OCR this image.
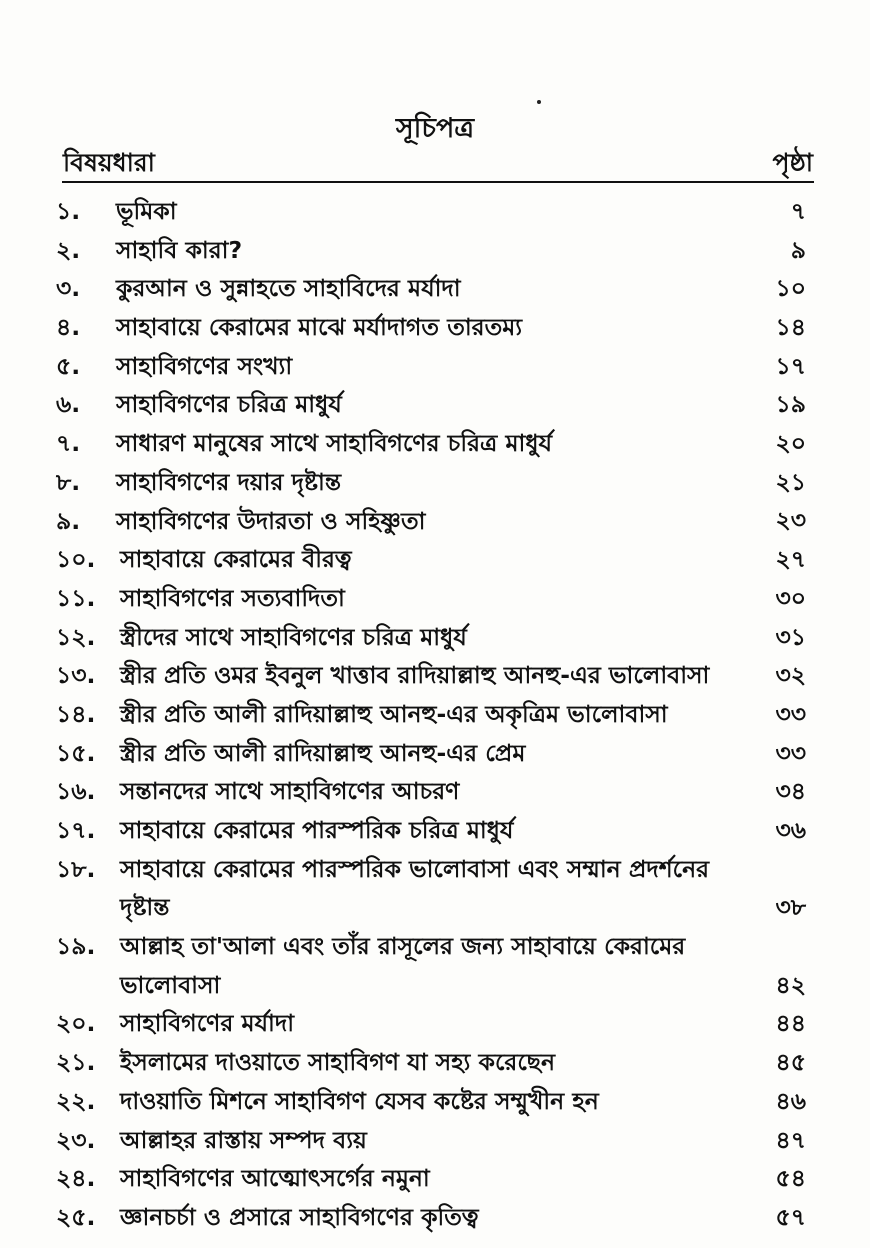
সূচিপত্র
বিষয়ধারা	পৃষ্ঠা
১. ভূমিকা	৭
২. সাহাবি কারা?	৯
৩. কুরআন ও সুন্নাহতে সাহাবিদের মর্যাদা	১০
৪. সাহাবায়ে কেরামের মাঝে মর্যাদাগত তারতম্য	১৪
৫. সাহাবিগণের সংখ্যা	১৭
৬. সাহাবিগণের চরিত্র মাধুর্য	১৯
৭. সাধারণ মানুষের সাথে সাহাবিগণের চরিত্র মাধুর্য	২০
৮. সাহাবিগণের দয়ার দৃষ্টান্ত	২১
৯. সাহাবিগণের উদারতা ও সহিষ্ণুতা	২৩
১০. সাহাবায়ে কেরামের বীরত্ব	২৭
১১. সাহাবিগণের সত্যবাদিতা	৩০
১২. স্ত্রীদের সাথে সাহাবিগণের চরিত্র মাধুর্য	৩১
১৩. স্ত্রীর প্রতি ওমর ইবনুল খাত্তাব রাদিয়াল্লাহু আনহু-এর ভালোবাসা	৩২
১৪. স্ত্রীর প্রতি আলী রাদিয়াল্লাহু আনহু-এর অকৃত্রিম ভালোবাসা	৩৩
১৫. স্ত্রীর প্রতি আলী রাদিয়াল্লাহু আনহু-এর প্রেম	৩৩
১৬. সন্তানদের সাথে সাহাবিগণের আচরণ	৩৪
১৭. সাহাবায়ে কেরামের পারস্পরিক চরিত্র মাধুর্য	৩৬
১৮. সাহাবায়ে কেরামের পারস্পরিক ভালোবাসা এবং সম্মান প্রদর্শনের দৃষ্টান্ত	৩৮
১৯. আল্লাহ তা'আলা এবং তাঁর রাসূলের জন্য সাহাবায়ে কেরামের ভালোবাসা	৪২
২০. সাহাবিগণের মর্যাদা	৪৪
২১. ইসলামের দাওয়াতে সাহাবিগণ যা সহ্য করেছেন	৪৫
২২. দাওয়াতি মিশনে সাহাবিগণ যেসব কষ্টের সম্মুখীন হন	৪৬
২৩. আল্লাহর রাস্তায় সম্পদ ব্যয়	৪৭
২৪. সাহাবিগণের আত্মোৎসর্গের নমুনা	৫৪
২৫. জ্ঞানচর্চা ও প্রসারে সাহাবিগণের কৃতিত্ব	৫৭
